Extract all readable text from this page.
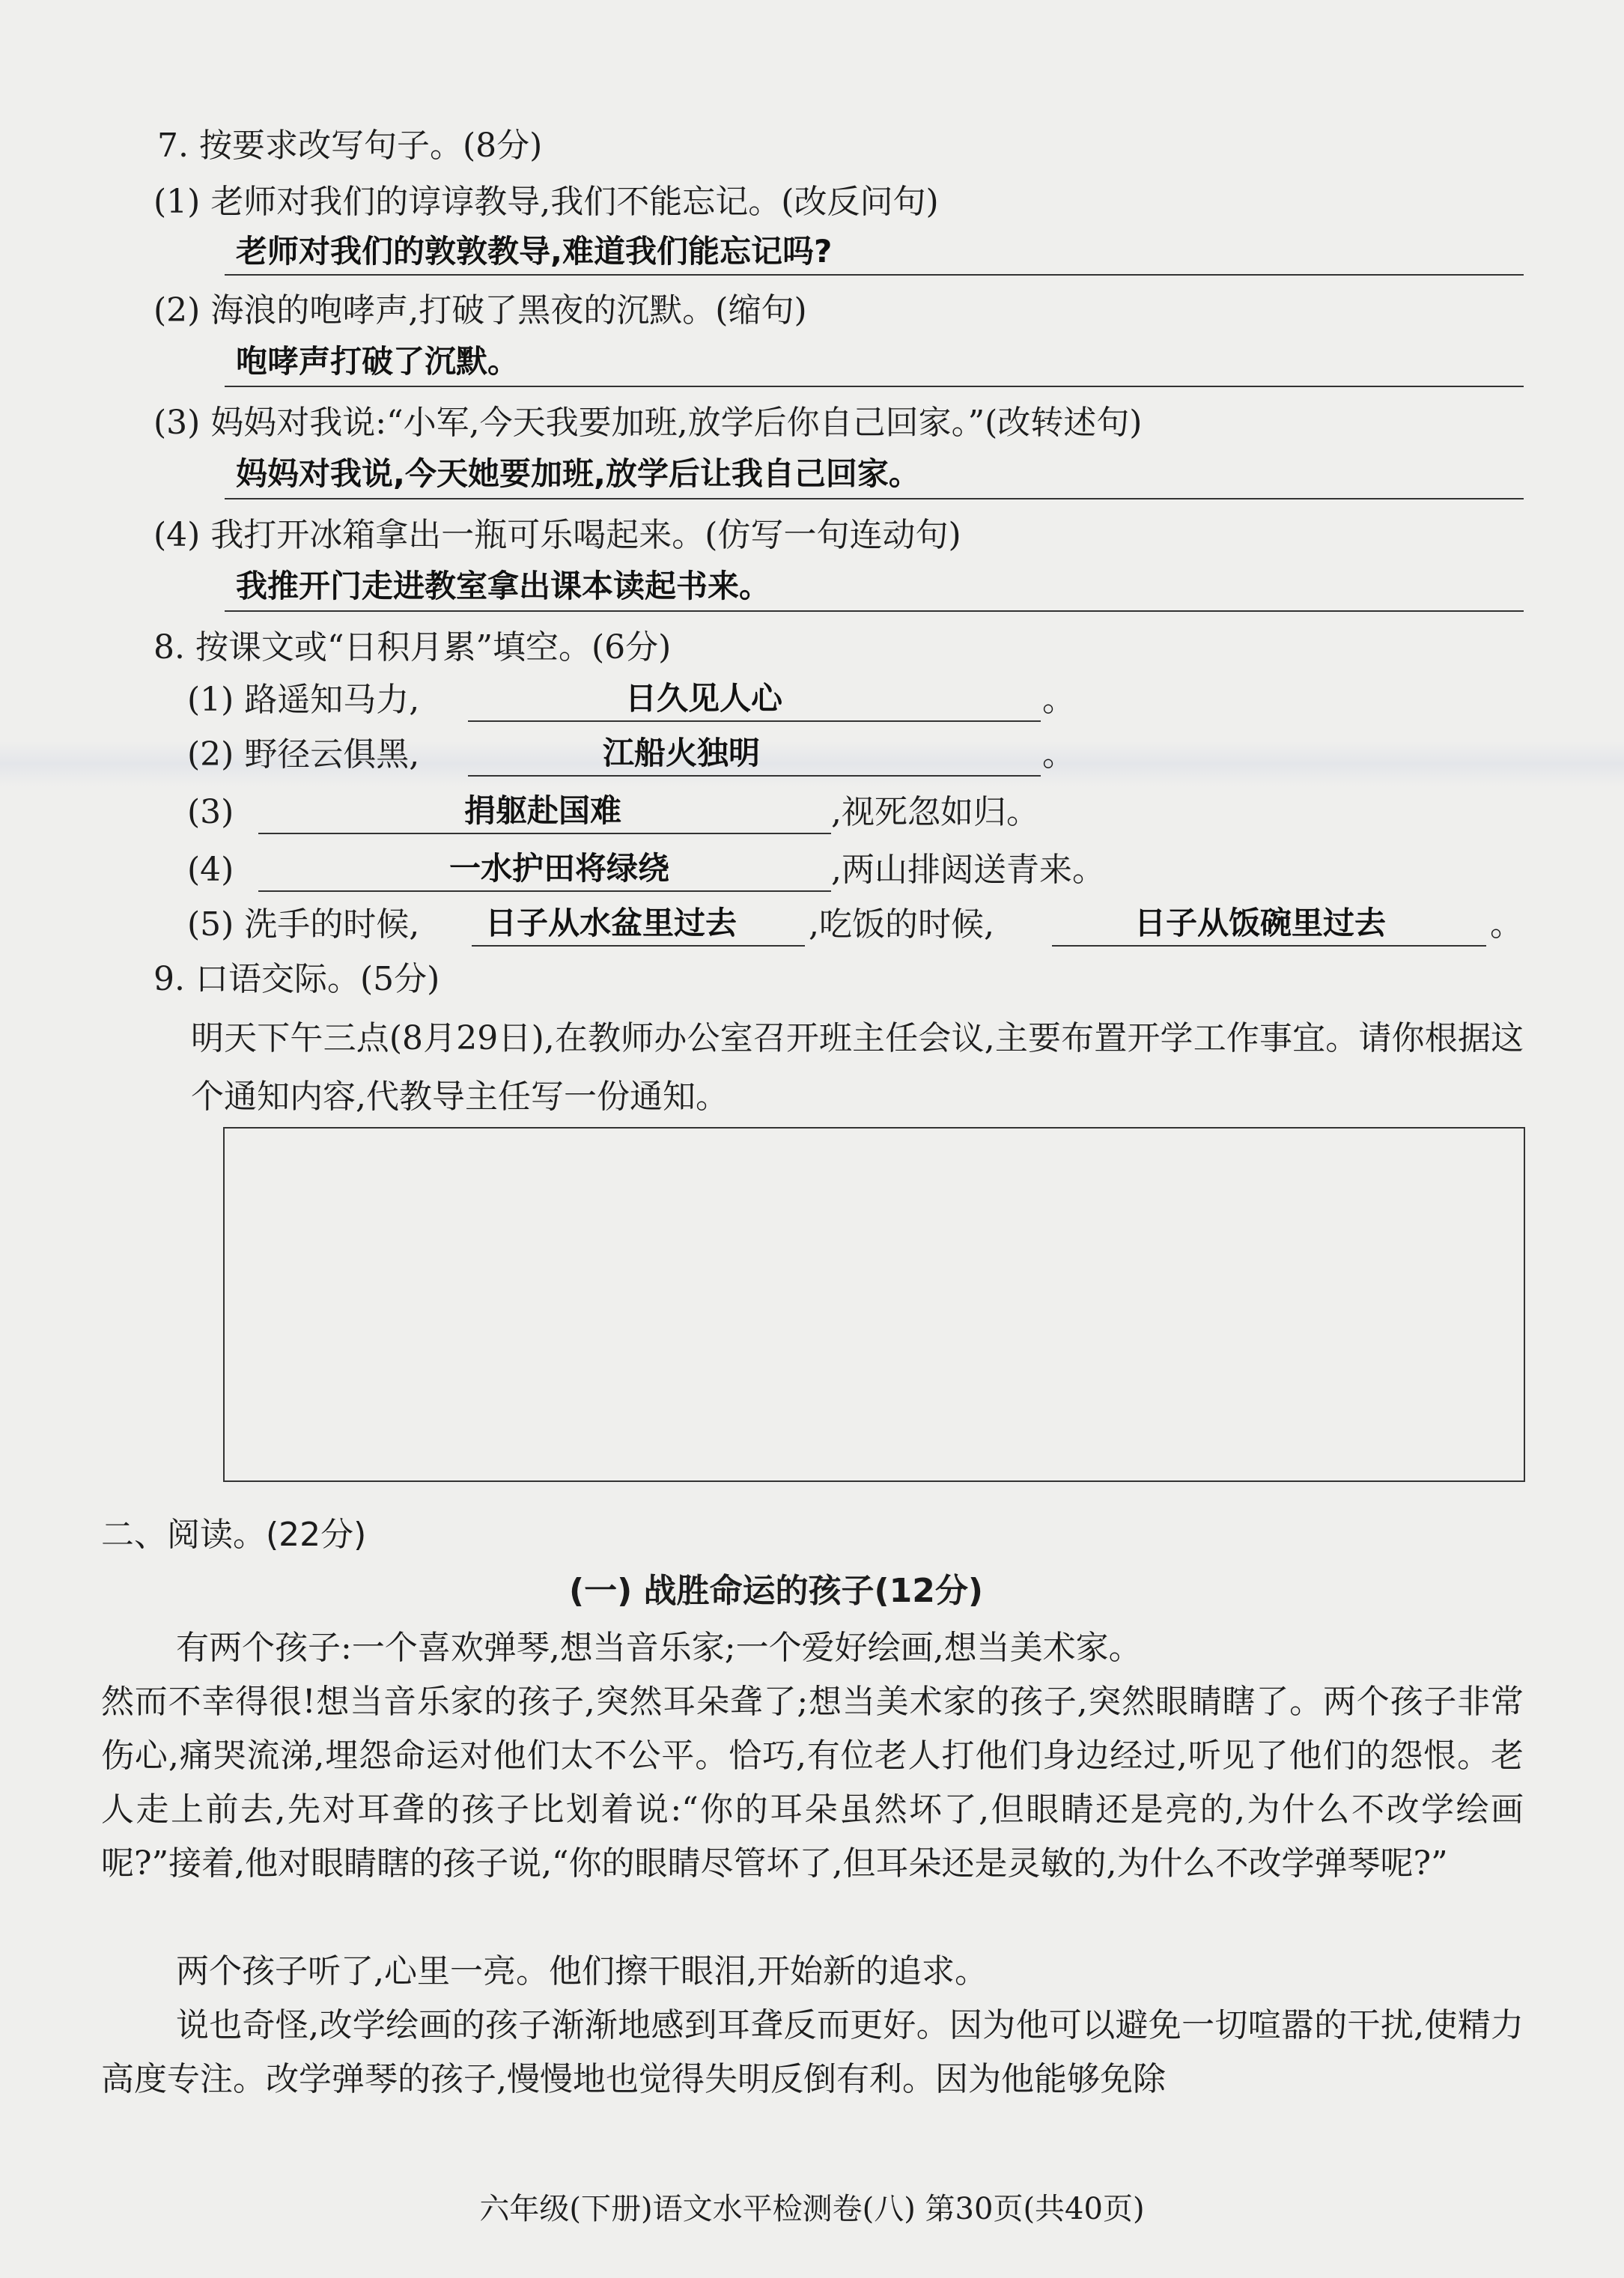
7. 按要求改写句子。(8分)
(1) 老师对我们的谆谆教导,我们不能忘记。(改反问句)
老师对我们的敦敦教导,难道我们能忘记吗?
(2) 海浪的咆哮声,打破了黑夜的沉默。(缩句)
咆哮声打破了沉默。
(3) 妈妈对我说:“小军,今天我要加班,放学后你自己回家。”(改转述句)
妈妈对我说,今天她要加班,放学后让我自己回家。
(4) 我打开冰箱拿出一瓶可乐喝起来。(仿写一句连动句)
我推开门走进教室拿出课本读起书来。
8. 按课文或“日积月累”填空。(6分)
(1) 路遥知马力,	日久见人心	。
(2) 野径云俱黑,	江船火独明	。
(3)	捐躯赴国难	,视死忽如归。
(4)	一水护田将绿绕	,两山排闼送青来。
(5) 洗手的时候, 日子从水盆里过去 ,吃饭的时候,	日子从饭碗里过去	。
9. 口语交际。(5分)
明天下午三点(8月29日),在教师办公室召开班主任会议,主要布置开学工作事宜。请你根据这个通知内容,代教导主任写一份通知。
二、阅读。(22分)
(一) 战胜命运的孩子(12分)
有两个孩子:一个喜欢弹琴,想当音乐家;一个爱好绘画,想当美术家。
然而不幸得很!想当音乐家的孩子,突然耳朵聋了;想当美术家的孩子,突然眼睛瞎了。两个孩子非常伤心,痛哭流涕,埋怨命运对他们太不公平。恰巧,有位老人打他们身边经过,听见了他们的怨恨。老人走上前去,先对耳聋的孩子比划着说:“你的耳朵虽然坏了,但眼睛还是亮的,为什么不改学绘画呢?”接着,他对眼睛瞎的孩子说,“你的眼睛尽管坏了,但耳朵还是灵敏的,为什么不改学弹琴呢?”
两个孩子听了,心里一亮。他们擦干眼泪,开始新的追求。
说也奇怪,改学绘画的孩子渐渐地感到耳聋反而更好。因为他可以避免一切喧嚣的干扰,使精力高度专注。改学弹琴的孩子,慢慢地也觉得失明反倒有利。因为他能够免除
六年级(下册)语文水平检测卷(八) 第30页(共40页)
